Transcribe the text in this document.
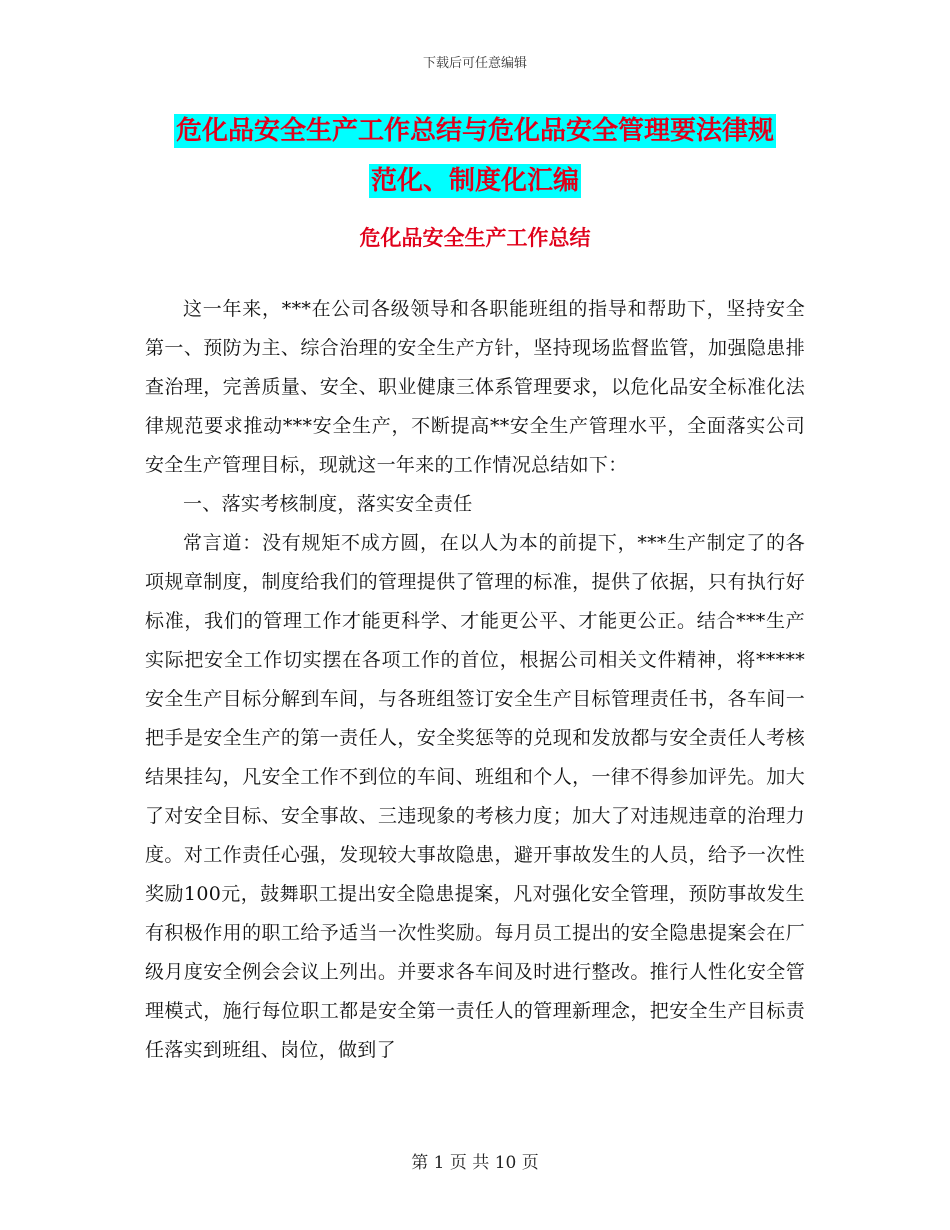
下载后可任意编辑
危化品安全生产工作总结与危化品安全管理要法律规
范化、制度化汇编
危化品安全生产工作总结

这一年来，***在公司各级领导和各职能班组的指导和帮助下，坚持安全第一、预防为主、综合治理的安全生产方针，坚持现场监督监管，加强隐患排查治理，完善质量、安全、职业健康三体系管理要求，以危化品安全标准化法律规范要求推动***安全生产，不断提高**安全生产管理水平，全面落实公司安全生产管理目标，现就这一年来的工作情况总结如下：

一、落实考核制度，落实安全责任

常言道：没有规矩不成方圆，在以人为本的前提下，***生产制定了的各项规章制度，制度给我们的管理提供了管理的标准，提供了依据，只有执行好标准，我们的管理工作才能更科学、才能更公平、才能更公正。结合***生产实际把安全工作切实摆在各项工作的首位，根据公司相关文件精神，将*****安全生产目标分解到车间，与各班组签订安全生产目标管理责任书，各车间一把手是安全生产的第一责任人，安全奖惩等的兑现和发放都与安全责任人考核结果挂勾，凡安全工作不到位的车间、班组和个人，一律不得参加评先。加大了对安全目标、安全事故、三违现象的考核力度；加大了对违规违章的治理力度。对工作责任心强，发现较大事故隐患，避开事故发生的人员，给予一次性奖励100元，鼓舞职工提出安全隐患提案，凡对强化安全管理，预防事故发生有积极作用的职工给予适当一次性奖励。每月员工提出的安全隐患提案会在厂级月度安全例会会议上列出。并要求各车间及时进行整改。推行人性化安全管理模式，施行每位职工都是安全第一责任人的管理新理念，把安全生产目标责任落实到班组、岗位，做到了

第 1 页 共 10 页
